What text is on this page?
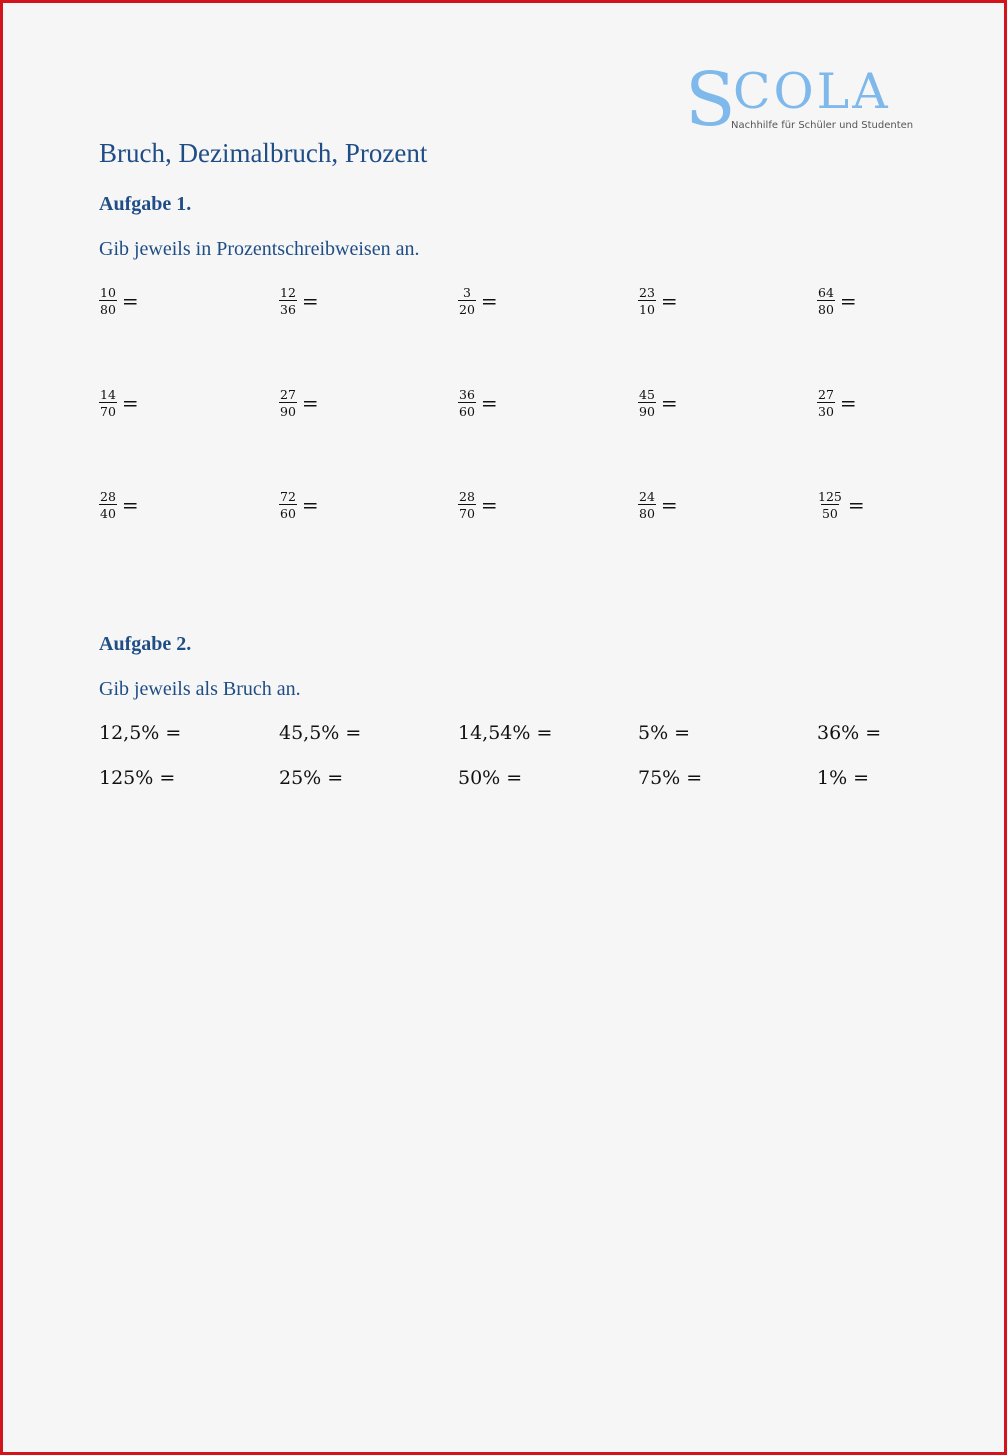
S
COLA
Nachhilfe für Schüler und Studenten
Bruch, Dezimalbruch, Prozent
Aufgabe 1.
Gib jeweils in Prozentschreibweisen an.
$\frac{10}{80}$ =	$\frac{12}{36}$ =	$\frac{3}{20}$ =	$\frac{23}{10}$ =	$\frac{64}{80}$ =
$\frac{14}{70}$ =	$\frac{27}{90}$ =	$\frac{36}{60}$ =	$\frac{45}{90}$ =	$\frac{27}{30}$ =
$\frac{28}{40}$ =	$\frac{72}{60}$ =	$\frac{28}{70}$ =	$\frac{24}{80}$ =	$\frac{125}{50}$ =
Aufgabe 2.
Gib jeweils als Bruch an.
12,5% =	45,5% =	14,54% =	5% =	36% =
125% =	25% =	50% =	75% =	1% =
